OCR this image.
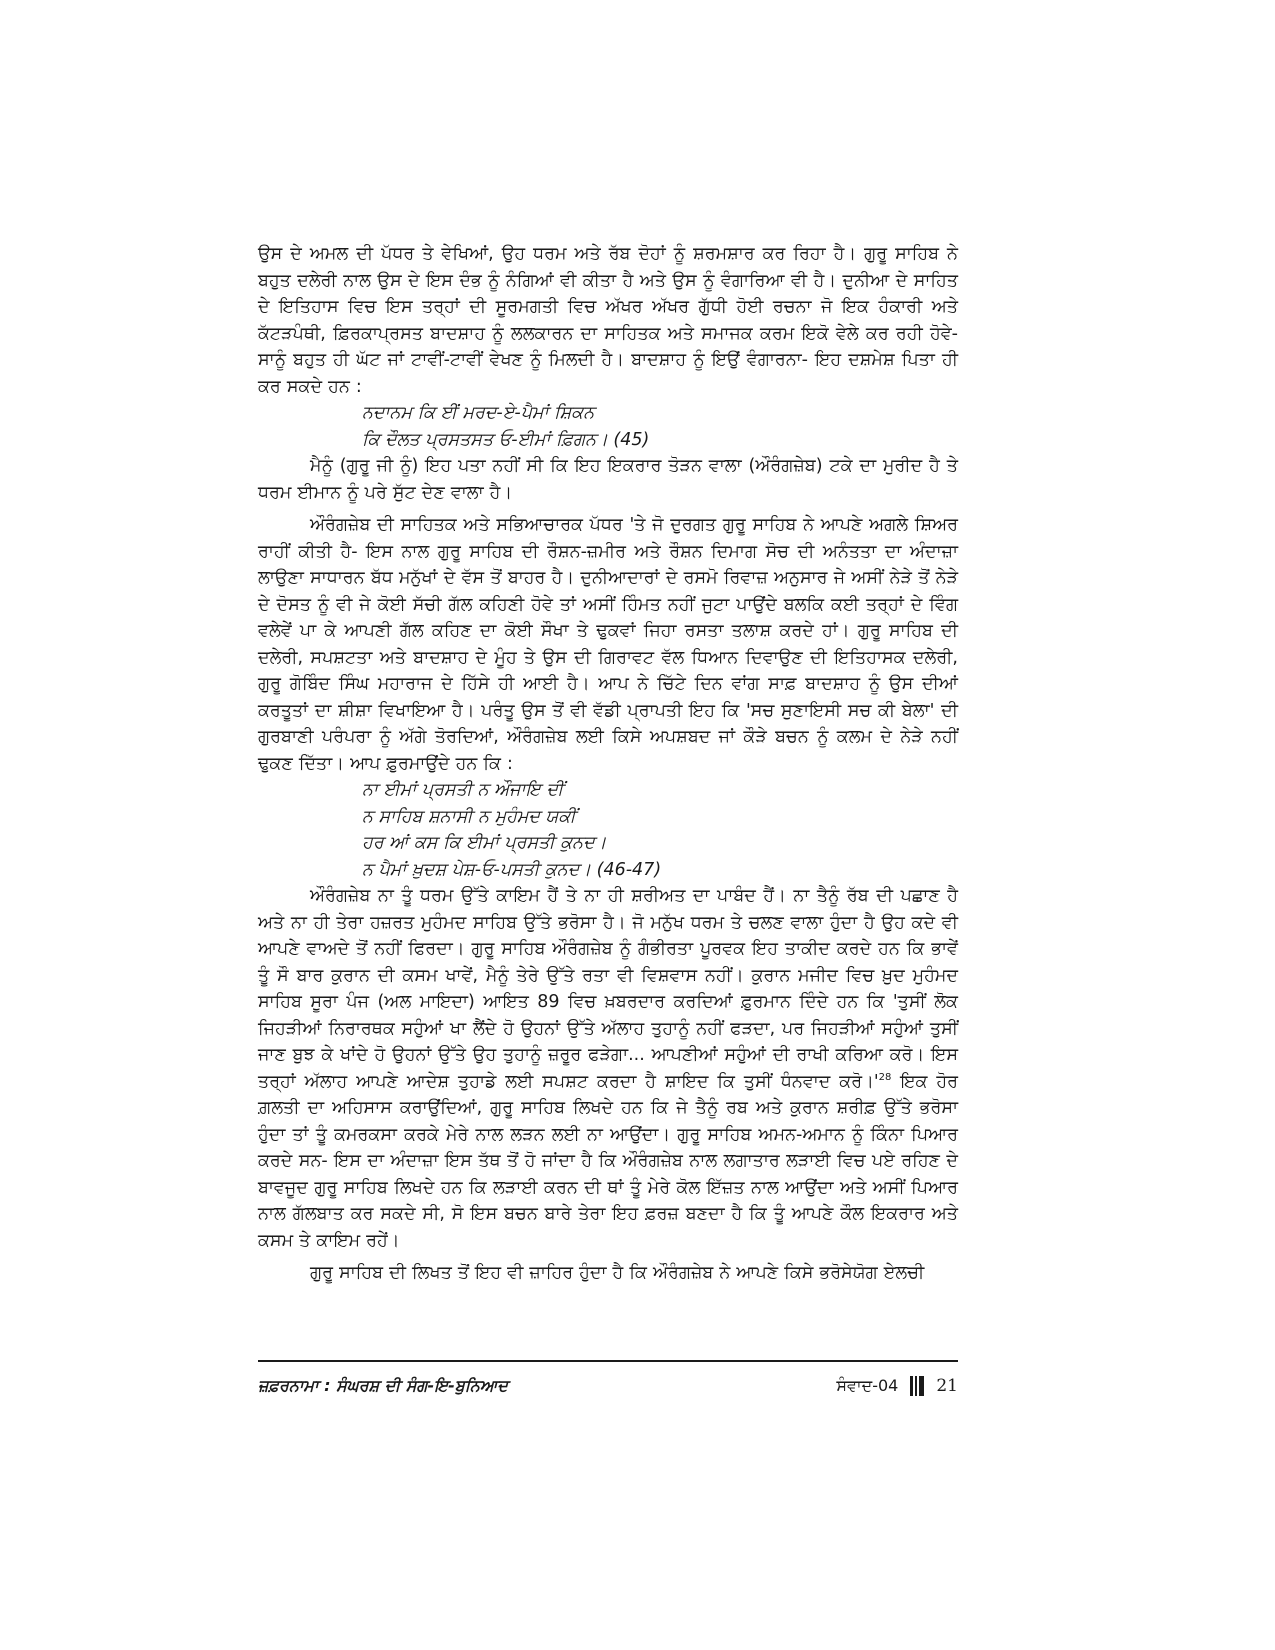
ਉਸ ਦੇ ਅਮਲ ਦੀ ਪੱਧਰ ਤੇ ਵੇਖਿਆਂ, ਉਹ ਧਰਮ ਅਤੇ ਰੱਬ ਦੋਹਾਂ ਨੂੰ ਸ਼ਰਮਸ਼ਾਰ ਕਰ ਰਿਹਾ ਹੈ। ਗੁਰੂ ਸਾਹਿਬ ਨੇ ਬਹੁਤ ਦਲੇਰੀ ਨਾਲ ਉਸ ਦੇ ਇਸ ਦੰਭ ਨੂੰ ਨੰਗਿਆਂ ਵੀ ਕੀਤਾ ਹੈ ਅਤੇ ਉਸ ਨੂੰ ਵੰਗਾਰਿਆ ਵੀ ਹੈ। ਦੁਨੀਆ ਦੇ ਸਾਹਿਤ ਦੇ ਇਤਿਹਾਸ ਵਿਚ ਇਸ ਤਰ੍ਹਾਂ ਦੀ ਸੂਰਮਗਤੀ ਵਿਚ ਅੱਖਰ ਅੱਖਰ ਗੁੱਧੀ ਹੋਈ ਰਚਨਾ ਜੋ ਇਕ ਹੰਕਾਰੀ ਅਤੇ ਕੱਟੜਪੰਥੀ, ਫ਼ਿਰਕਾਪ੍ਰਸਤ ਬਾਦਸ਼ਾਹ ਨੂੰ ਲਲਕਾਰਨ ਦਾ ਸਾਹਿਤਕ ਅਤੇ ਸਮਾਜਕ ਕਰਮ ਇਕੋ ਵੇਲੇ ਕਰ ਰਹੀ ਹੋਵੇ- ਸਾਨੂੰ ਬਹੁਤ ਹੀ ਘੱਟ ਜਾਂ ਟਾਵੀਂ-ਟਾਵੀਂ ਵੇਖਣ ਨੂੰ ਮਿਲਦੀ ਹੈ। ਬਾਦਸ਼ਾਹ ਨੂੰ ਇਉਂ ਵੰਗਾਰਨਾ- ਇਹ ਦਸ਼ਮੇਸ਼ ਪਿਤਾ ਹੀ ਕਰ ਸਕਦੇ ਹਨ :

ਨਦਾਨਮ ਕਿ ਈਂ ਮਰਦ-ਏ-ਪੈਮਾਂ ਸ਼ਿਕਨ
ਕਿ ਦੌਲਤ ਪ੍ਰਸਤਸਤ ਓ-ਈਮਾਂ ਫ਼ਿਗਨ। (45)

ਮੈਨੂੰ (ਗੁਰੂ ਜੀ ਨੂੰ) ਇਹ ਪਤਾ ਨਹੀਂ ਸੀ ਕਿ ਇਹ ਇਕਰਾਰ ਤੋੜਨ ਵਾਲਾ (ਔਰੰਗਜ਼ੇਬ) ਟਕੇ ਦਾ ਮੁਰੀਦ ਹੈ ਤੇ ਧਰਮ ਈਮਾਨ ਨੂੰ ਪਰੇ ਸੁੱਟ ਦੇਣ ਵਾਲਾ ਹੈ।

ਔਰੰਗਜ਼ੇਬ ਦੀ ਸਾਹਿਤਕ ਅਤੇ ਸਭਿਆਚਾਰਕ ਪੱਧਰ 'ਤੇ ਜੋ ਦੁਰਗਤ ਗੁਰੂ ਸਾਹਿਬ ਨੇ ਆਪਣੇ ਅਗਲੇ ਸ਼ਿਅਰ ਰਾਹੀਂ ਕੀਤੀ ਹੈ- ਇਸ ਨਾਲ ਗੁਰੂ ਸਾਹਿਬ ਦੀ ਰੌਸ਼ਨ-ਜ਼ਮੀਰ ਅਤੇ ਰੌਸ਼ਨ ਦਿਮਾਗ ਸੋਚ ਦੀ ਅਨੰਤਤਾ ਦਾ ਅੰਦਾਜ਼ਾ ਲਾਉਣਾ ਸਾਧਾਰਨ ਬੱਧ ਮਨੁੱਖਾਂ ਦੇ ਵੱਸ ਤੋਂ ਬਾਹਰ ਹੈ। ਦੁਨੀਆਦਾਰਾਂ ਦੇ ਰਸਮੋ ਰਿਵਾਜ਼ ਅਨੁਸਾਰ ਜੇ ਅਸੀਂ ਨੇੜੇ ਤੋਂ ਨੇੜੇ ਦੇ ਦੋਸਤ ਨੂੰ ਵੀ ਜੇ ਕੋਈ ਸੱਚੀ ਗੱਲ ਕਹਿਣੀ ਹੋਵੇ ਤਾਂ ਅਸੀਂ ਹਿੰਮਤ ਨਹੀਂ ਜੁਟਾ ਪਾਉਂਦੇ ਬਲਕਿ ਕਈ ਤਰ੍ਹਾਂ ਦੇ ਵਿੰਗ ਵਲੇਵੇਂ ਪਾ ਕੇ ਆਪਣੀ ਗੱਲ ਕਹਿਣ ਦਾ ਕੋਈ ਸੌਖਾ ਤੇ ਢੁਕਵਾਂ ਜਿਹਾ ਰਸਤਾ ਤਲਾਸ਼ ਕਰਦੇ ਹਾਂ। ਗੁਰੂ ਸਾਹਿਬ ਦੀ ਦਲੇਰੀ, ਸਪਸ਼ਟਤਾ ਅਤੇ ਬਾਦਸ਼ਾਹ ਦੇ ਮੂੰਹ ਤੇ ਉਸ ਦੀ ਗਿਰਾਵਟ ਵੱਲ ਧਿਆਨ ਦਿਵਾਉਣ ਦੀ ਇਤਿਹਾਸਕ ਦਲੇਰੀ, ਗੁਰੂ ਗੋਬਿੰਦ ਸਿੰਘ ਮਹਾਰਾਜ ਦੇ ਹਿੱਸੇ ਹੀ ਆਈ ਹੈ। ਆਪ ਨੇ ਚਿੱਟੇ ਦਿਨ ਵਾਂਗ ਸਾਫ਼ ਬਾਦਸ਼ਾਹ ਨੂੰ ਉਸ ਦੀਆਂ ਕਰਤੂਤਾਂ ਦਾ ਸ਼ੀਸ਼ਾ ਵਿਖਾਇਆ ਹੈ। ਪਰੰਤੂ ਉਸ ਤੋਂ ਵੀ ਵੱਡੀ ਪ੍ਰਾਪਤੀ ਇਹ ਕਿ 'ਸਚ ਸੁਣਾਇਸੀ ਸਚ ਕੀ ਬੇਲਾ' ਦੀ ਗੁਰਬਾਣੀ ਪਰੰਪਰਾ ਨੂੰ ਅੱਗੇ ਤੋਰਦਿਆਂ, ਔਰੰਗਜ਼ੇਬ ਲਈ ਕਿਸੇ ਅਪਸ਼ਬਦ ਜਾਂ ਕੌੜੇ ਬਚਨ ਨੂੰ ਕਲਮ ਦੇ ਨੇੜੇ ਨਹੀਂ ਢੁਕਣ ਦਿੱਤਾ। ਆਪ ਫ਼ੁਰਮਾਉਂਦੇ ਹਨ ਕਿ :

ਨਾ ਈਮਾਂ ਪ੍ਰਸਤੀ ਨ ਔਜਾਇ ਦੀਂ
ਨ ਸਾਹਿਬ ਸ਼ਨਾਸੀ ਨ ਮੁਹੰਮਦ ਯਕੀਂ
ਹਰ ਆਂ ਕਸ ਕਿ ਈਮਾਂ ਪ੍ਰਸਤੀ ਕੁਨਦ।
ਨ ਪੈਮਾਂ ਖ਼ੁਦਸ਼ ਪੇਸ਼-ਓ-ਪਸਤੀ ਕੁਨਦ। (46-47)

ਔਰੰਗਜ਼ੇਬ ਨਾ ਤੂੰ ਧਰਮ ਉੱਤੇ ਕਾਇਮ ਹੈਂ ਤੇ ਨਾ ਹੀ ਸ਼ਰੀਅਤ ਦਾ ਪਾਬੰਦ ਹੈਂ। ਨਾ ਤੈਨੂੰ ਰੱਬ ਦੀ ਪਛਾਣ ਹੈ ਅਤੇ ਨਾ ਹੀ ਤੇਰਾ ਹਜ਼ਰਤ ਮੁਹੰਮਦ ਸਾਹਿਬ ਉੱਤੇ ਭਰੋਸਾ ਹੈ। ਜੋ ਮਨੁੱਖ ਧਰਮ ਤੇ ਚਲਣ ਵਾਲਾ ਹੁੰਦਾ ਹੈ ਉਹ ਕਦੇ ਵੀ ਆਪਣੇ ਵਾਅਦੇ ਤੋਂ ਨਹੀਂ ਫਿਰਦਾ। ਗੁਰੂ ਸਾਹਿਬ ਔਰੰਗਜ਼ੇਬ ਨੂੰ ਗੰਭੀਰਤਾ ਪੂਰਵਕ ਇਹ ਤਾਕੀਦ ਕਰਦੇ ਹਨ ਕਿ ਭਾਵੇਂ ਤੂੰ ਸੌ ਬਾਰ ਕੁਰਾਨ ਦੀ ਕਸਮ ਖਾਵੇਂ, ਮੈਨੂੰ ਤੇਰੇ ਉੱਤੇ ਰਤਾ ਵੀ ਵਿਸ਼ਵਾਸ ਨਹੀਂ। ਕੁਰਾਨ ਮਜੀਦ ਵਿਚ ਖ਼ੁਦ ਮੁਹੰਮਦ ਸਾਹਿਬ ਸੂਰਾ ਪੰਜ (ਅਲ ਮਾਇਦਾ) ਆਇਤ 89 ਵਿਚ ਖ਼ਬਰਦਾਰ ਕਰਦਿਆਂ ਫ਼ੁਰਮਾਨ ਦਿੰਦੇ ਹਨ ਕਿ 'ਤੁਸੀਂ ਲੋਕ ਜਿਹੜੀਆਂ ਨਿਰਾਰਥਕ ਸਹੁੰਆਂ ਖਾ ਲੈਂਦੇ ਹੋ ਉਹਨਾਂ ਉੱਤੇ ਅੱਲਾਹ ਤੁਹਾਨੂੰ ਨਹੀਂ ਫੜਦਾ, ਪਰ ਜਿਹੜੀਆਂ ਸਹੁੰਆਂ ਤੁਸੀਂ ਜਾਣ ਬੁਝ ਕੇ ਖਾਂਦੇ ਹੋ ਉਹਨਾਂ ਉੱਤੇ ਉਹ ਤੁਹਾਨੂੰ ਜ਼ਰੂਰ ਫੜੇਗਾ... ਆਪਣੀਆਂ ਸਹੁੰਆਂ ਦੀ ਰਾਖੀ ਕਰਿਆ ਕਰੋ। ਇਸ ਤਰ੍ਹਾਂ ਅੱਲਾਹ ਆਪਣੇ ਆਦੇਸ਼ ਤੁਹਾਡੇ ਲਈ ਸਪਸ਼ਟ ਕਰਦਾ ਹੈ ਸ਼ਾਇਦ ਕਿ ਤੁਸੀਂ ਧੰਨਵਾਦ $ਕਰੋ।'^{28}$ ਇਕ ਹੋਰ ਗ਼ਲਤੀ ਦਾ ਅਹਿਸਾਸ ਕਰਾਉਂਦਿਆਂ, ਗੁਰੂ ਸਾਹਿਬ ਲਿਖਦੇ ਹਨ ਕਿ ਜੇ ਤੈਨੂੰ ਰਬ ਅਤੇ ਕੁਰਾਨ ਸ਼ਰੀਫ਼ ਉੱਤੇ ਭਰੋਸਾ ਹੁੰਦਾ ਤਾਂ ਤੂੰ ਕਮਰਕਸਾ ਕਰਕੇ ਮੇਰੇ ਨਾਲ ਲੜਨ ਲਈ ਨਾ ਆਉਂਦਾ। ਗੁਰੂ ਸਾਹਿਬ ਅਮਨ-ਅਮਾਨ ਨੂੰ ਕਿੰਨਾ ਪਿਆਰ ਕਰਦੇ ਸਨ- ਇਸ ਦਾ ਅੰਦਾਜ਼ਾ ਇਸ ਤੱਥ ਤੋਂ ਹੋ ਜਾਂਦਾ ਹੈ ਕਿ ਔਰੰਗਜ਼ੇਬ ਨਾਲ ਲਗਾਤਾਰ ਲੜਾਈ ਵਿਚ ਪਏ ਰਹਿਣ ਦੇ ਬਾਵਜੂਦ ਗੁਰੂ ਸਾਹਿਬ ਲਿਖਦੇ ਹਨ ਕਿ ਲੜਾਈ ਕਰਨ ਦੀ ਥਾਂ ਤੂੰ ਮੇਰੇ ਕੋਲ ਇੱਜ਼ਤ ਨਾਲ ਆਉਂਦਾ ਅਤੇ ਅਸੀਂ ਪਿਆਰ ਨਾਲ ਗੱਲਬਾਤ ਕਰ ਸਕਦੇ ਸੀ, ਸੋ ਇਸ ਬਚਨ ਬਾਰੇ ਤੇਰਾ ਇਹ ਫ਼ਰਜ਼ ਬਣਦਾ ਹੈ ਕਿ ਤੂੰ ਆਪਣੇ ਕੌਲ ਇਕਰਾਰ ਅਤੇ ਕਸਮ ਤੇ ਕਾਇਮ ਰਹੇਂ।

ਗੁਰੂ ਸਾਹਿਬ ਦੀ ਲਿਖਤ ਤੋਂ ਇਹ ਵੀ ਜ਼ਾਹਿਰ ਹੁੰਦਾ ਹੈ ਕਿ ਔਰੰਗਜ਼ੇਬ ਨੇ ਆਪਣੇ ਕਿਸੇ ਭਰੋਸੇਯੋਗ ਏਲਚੀ

ਜ਼ਫ਼ਰਨਾਮਾ : ਸੰਘਰਸ਼ ਦੀ ਸੰਗ-ਇ-ਬੁਨਿਆਦ	ਸੰਵਾਦ-04 21
